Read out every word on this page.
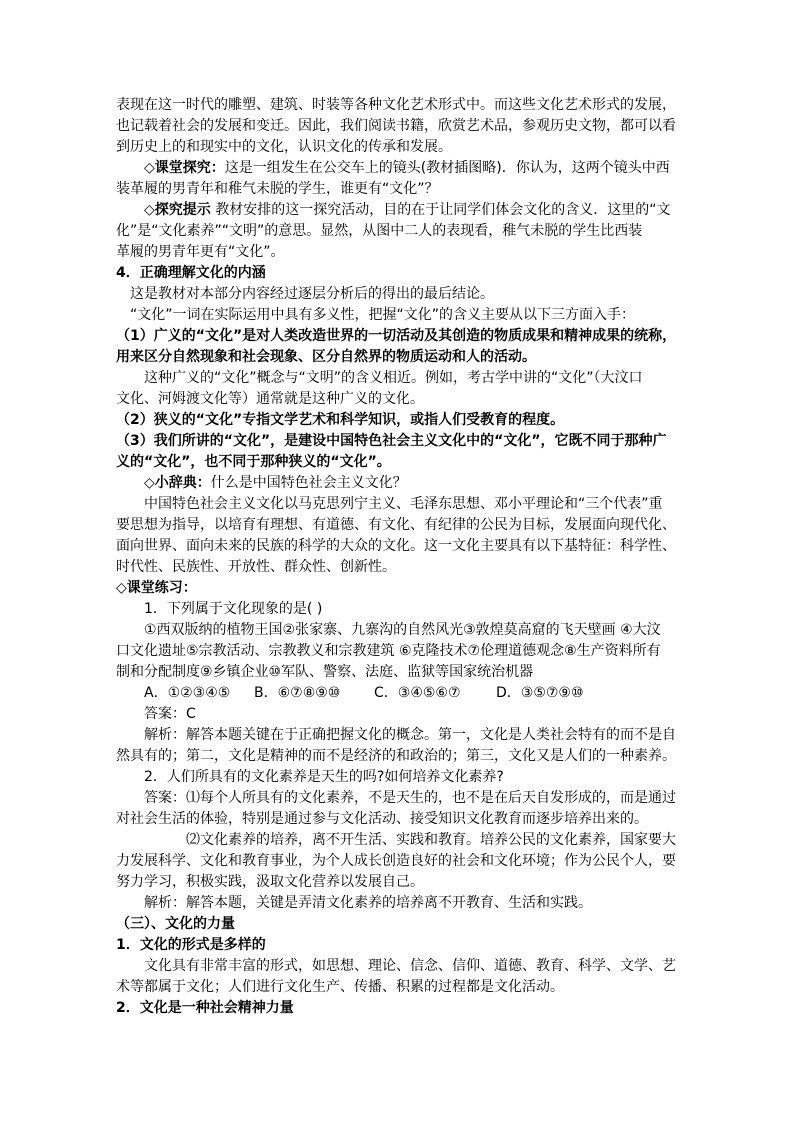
表现在这一时代的雕塑、建筑、时装等各种文化艺术形式中。而这些文化艺术形式的发展，

也记载着社会的发展和变迁。因此，我们阅读书籍，欣赏艺术品，参观历史文物，都可以看

到历史上的和现实中的文化，认识文化的传承和发展。

◇课堂探究：这是一组发生在公交车上的镜头(教材插图略)．你认为，这两个镜头中西

装革履的男青年和稚气未脱的学生，谁更有“文化”？

◇探究提示 教材安排的这一探究活动，目的在于让同学们体会文化的含义．这里的“文

化”是“文化素养”“文明”的意思。显然，从图中二人的表现看，稚气未脱的学生比西装

革履的男青年更有“文化”。

4．正确理解文化的内涵

这是教材对本部分内容经过逐层分析后的得出的最后结论。

“文化”一词在实际运用中具有多义性，把握“文化”的含义主要从以下三方面入手：

（1）广义的“文化”是对人类改造世界的一切活动及其创造的物质成果和精神成果的统称，

用来区分自然现象和社会现象、区分自然界的物质运动和人的活动。

这种广义的“文化”概念与“文明”的含义相近。例如，考古学中讲的“文化”（大汶口

文化、河姆渡文化等）通常就是这种广义的文化。

（2）狭义的“文化”专指文学艺术和科学知识，或指人们受教育的程度。

（3）我们所讲的“文化”，是建设中国特色社会主义文化中的“文化”，它既不同于那种广

义的“文化”，也不同于那种狭义的“文化”。

◇小辞典：什么是中国特色社会主义文化？

中国特色社会主义文化以马克思列宁主义、毛泽东思想、邓小平理论和“三个代表”重

要思想为指导，以培育有理想、有道德、有文化、有纪律的公民为目标，发展面向现代化、

面向世界、面向未来的民族的科学的大众的文化。这一文化主要具有以下基特征：科学性、

时代性、民族性、开放性、群众性、创新性。

◇课堂练习：

1．下列属于文化现象的是( )

①西双版纳的植物王国②张家寨、九寨沟的自然风光③敦煌莫高窟的飞天壁画 ④大汶

口文化遗址⑤宗教活动、宗教教义和宗教建筑 ⑥克隆技术⑦伦理道德观念⑧生产资料所有

制和分配制度⑨乡镇企业⑩军队、警察、法庭、监狱等国家统治机器

A．①②③④⑤	B．⑥⑦⑧⑨⑩	C．③④⑤⑥⑦	D．③⑤⑦⑨⑩

答案：C

解析：解答本题关键在于正确把握文化的概念。第一，文化是人类社会特有的而不是自

然具有的；第二，文化是精神的而不是经济的和政治的；第三，文化又是人们的一种素养。

2．人们所具有的文化素养是天生的吗?如何培养文化素养?

答案：⑴每个人所具有的文化素养，不是天生的，也不是在后天自发形成的，而是通过

对社会生活的体验，特别是通过参与文化活动、接受知识文化教育而逐步培养出来的。

⑵文化素养的培养，离不开生活、实践和教育。培养公民的文化素养，国家要大

力发展科学、文化和教育事业，为个人成长创造良好的社会和文化环境；作为公民个人，要

努力学习，积极实践，汲取文化营养以发展自己。

解析：解答本题，关键是弄清文化素养的培养离不开教育、生活和实践。

（三）、文化的力量

1．文化的形式是多样的

文化具有非常丰富的形式，如思想、理论、信念、信仰、道德、教育、科学、文学、艺

术等都属于文化；人们进行文化生产、传播、积累的过程都是文化活动。

2．文化是一种社会精神力量
